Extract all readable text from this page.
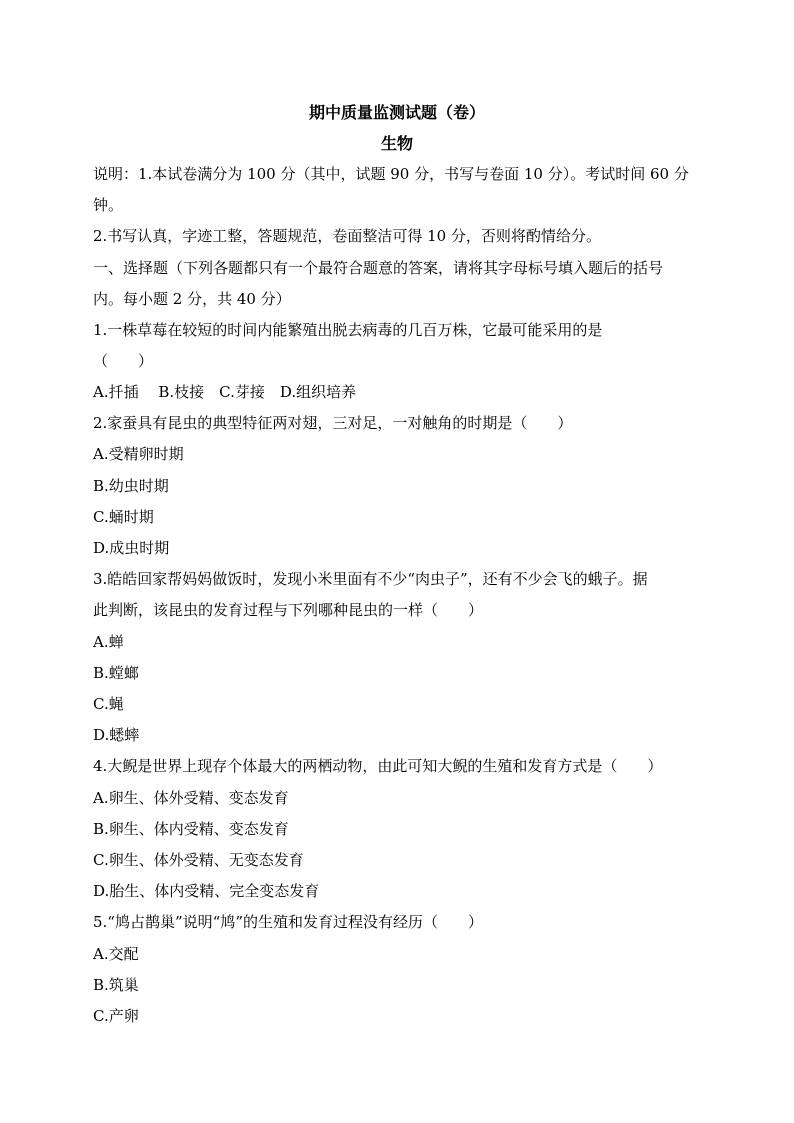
期中质量监测试题（卷）
生物
说明：1.本试卷满分为 100 分（其中，试题 90 分，书写与卷面 10 分）。考试时间 60 分
钟。
2.书写认真，字迹工整，答题规范，卷面整洁可得 10 分，否则将酌情给分。
一、选择题（下列各题都只有一个最符合题意的答案，请将其字母标号填入题后的括号
内。每小题 2 分，共 40 分）
1.一株草莓在较短的时间内能繁殖出脱去病毒的几百万株，它最可能采用的是
（　　）
A.扦插　 B.枝接　C.芽接　D.组织培养
2.家蚕具有昆虫的典型特征两对翅，三对足，一对触角的时期是（　　）
A.受精卵时期
B.幼虫时期
C.蛹时期
D.成虫时期
3.皓皓回家帮妈妈做饭时，发现小米里面有不少“肉虫子”，还有不少会飞的蛾子。据
此判断，该昆虫的发育过程与下列哪种昆虫的一样（　　）
A.蝉
B.螳螂
C.蝇
D.蟋蟀
4.大鲵是世界上现存个体最大的两栖动物，由此可知大鲵的生殖和发育方式是（　　）
A.卵生、体外受精、变态发育
B.卵生、体内受精、变态发育
C.卵生、体外受精、无变态发育
D.胎生、体内受精、完全变态发育
5.“鸠占鹊巢”说明“鸠”的生殖和发育过程没有经历（　　）
A.交配
B.筑巢
C.产卵
